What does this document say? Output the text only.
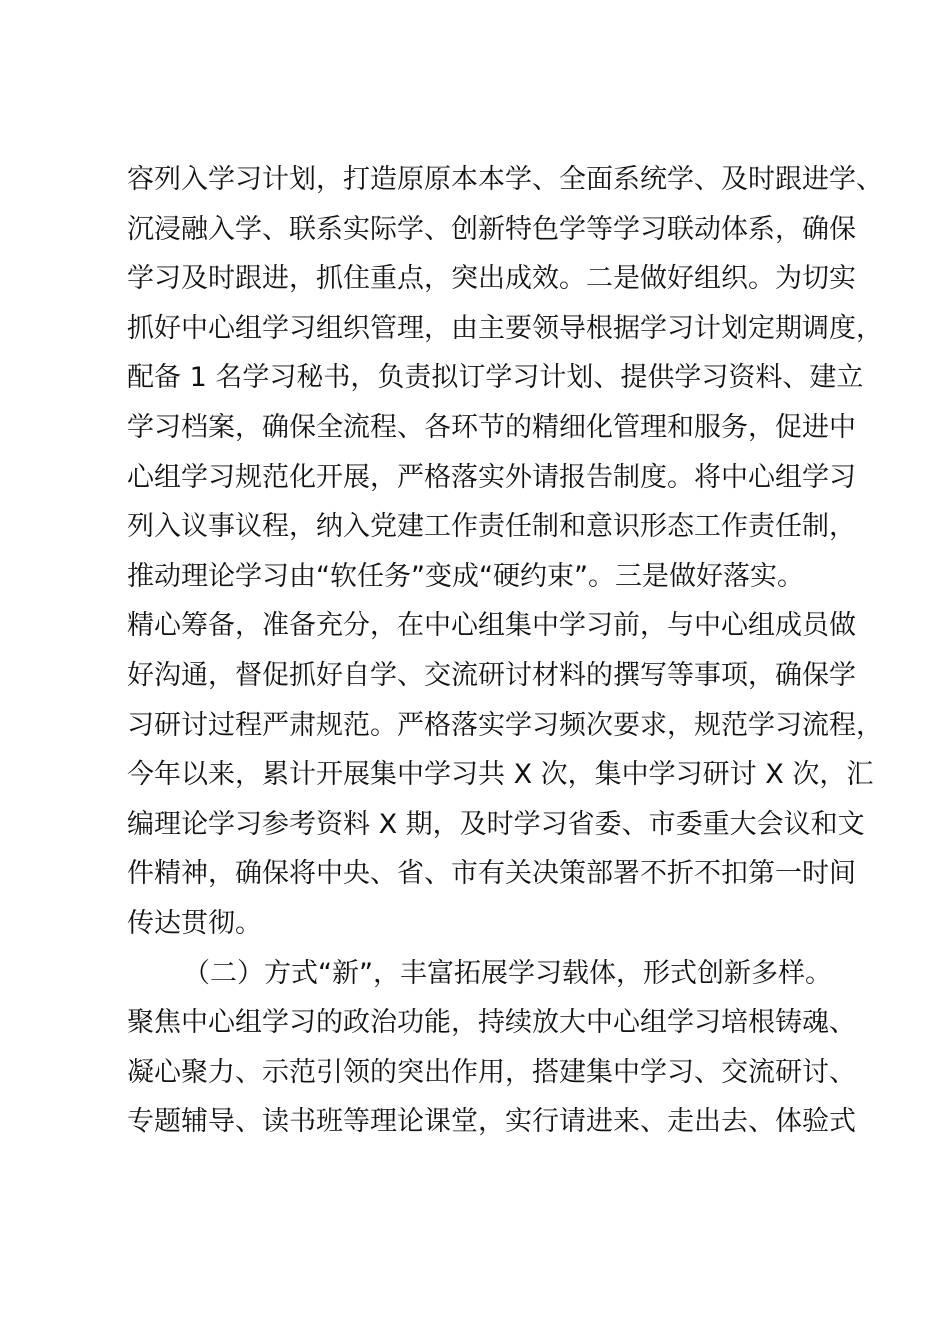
容列入学习计划，打造原原本本学、全面系统学、及时跟进学、
沉浸融入学、联系实际学、创新特色学等学习联动体系，确保
学习及时跟进，抓住重点，突出成效。二是做好组织。为切实
抓好中心组学习组织管理，由主要领导根据学习计划定期调度，
配备 1 名学习秘书，负责拟订学习计划、提供学习资料、建立
学习档案，确保全流程、各环节的精细化管理和服务，促进中
心组学习规范化开展，严格落实外请报告制度。将中心组学习
列入议事议程，纳入党建工作责任制和意识形态工作责任制，
推动理论学习由“软任务”变成“硬约束”。三是做好落实。
精心筹备，准备充分，在中心组集中学习前，与中心组成员做
好沟通，督促抓好自学、交流研讨材料的撰写等事项，确保学
习研讨过程严肃规范。严格落实学习频次要求，规范学习流程，
今年以来，累计开展集中学习共 X 次，集中学习研讨 X 次，汇
编理论学习参考资料 X 期，及时学习省委、市委重大会议和文
件精神，确保将中央、省、市有关决策部署不折不扣第一时间
传达贯彻。
（二）方式“新”，丰富拓展学习载体，形式创新多样。
聚焦中心组学习的政治功能，持续放大中心组学习培根铸魂、
凝心聚力、示范引领的突出作用，搭建集中学习、交流研讨、
专题辅导、读书班等理论课堂，实行请进来、走出去、体验式
